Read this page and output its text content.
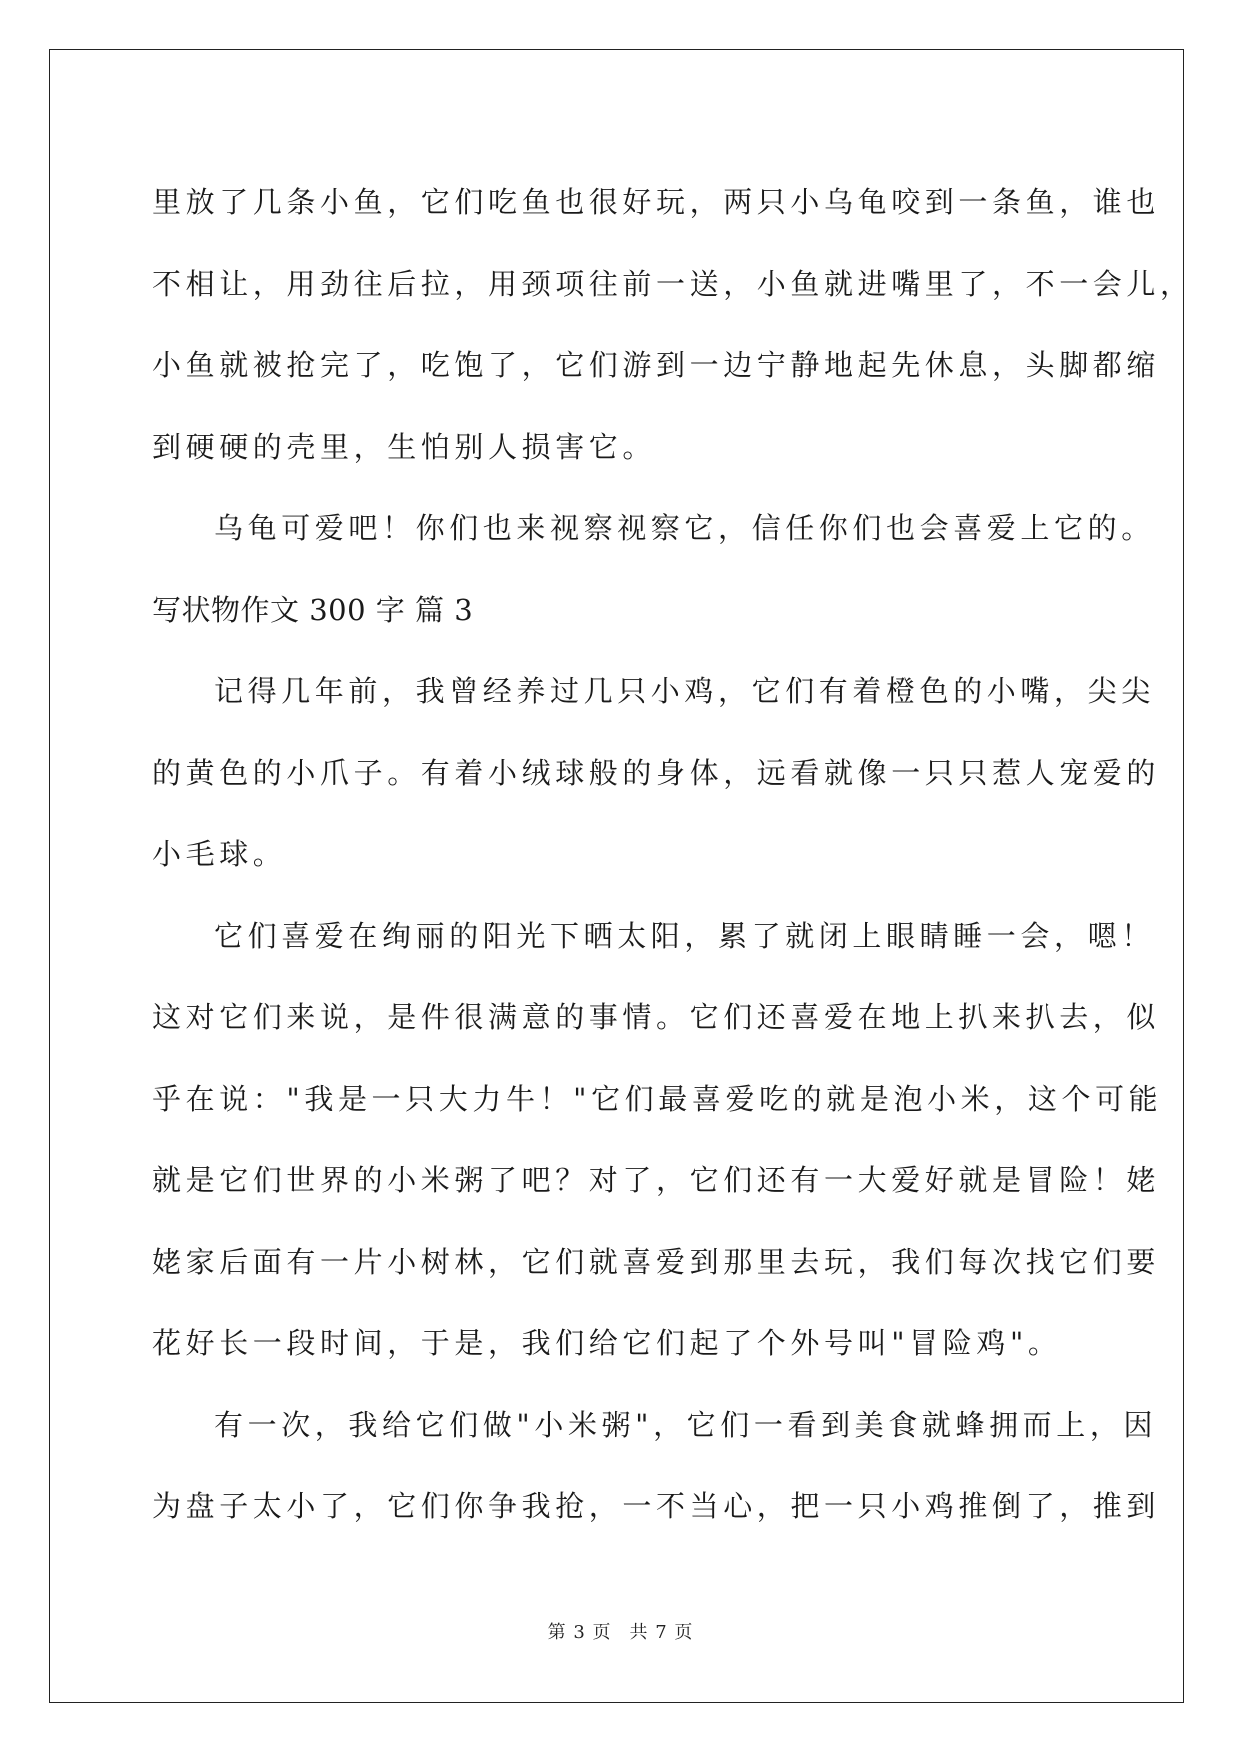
里放了几条小鱼，它们吃鱼也很好玩，两只小乌龟咬到一条鱼，谁也
不相让，用劲往后拉，用颈项往前一送，小鱼就进嘴里了，不一会儿，
小鱼就被抢完了，吃饱了，它们游到一边宁静地起先休息，头脚都缩
到硬硬的壳里，生怕别人损害它。
乌龟可爱吧！你们也来视察视察它，信任你们也会喜爱上它的。
写状物作文 300 字 篇 3
记得几年前，我曾经养过几只小鸡，它们有着橙色的小嘴，尖尖
的黄色的小爪子。有着小绒球般的身体，远看就像一只只惹人宠爱的
小毛球。
它们喜爱在绚丽的阳光下晒太阳，累了就闭上眼睛睡一会，嗯！
这对它们来说，是件很满意的事情。它们还喜爱在地上扒来扒去，似
乎在说："我是一只大力牛！"它们最喜爱吃的就是泡小米，这个可能
就是它们世界的小米粥了吧？对了，它们还有一大爱好就是冒险！姥
姥家后面有一片小树林，它们就喜爱到那里去玩，我们每次找它们要
花好长一段时间，于是，我们给它们起了个外号叫"冒险鸡"。
有一次，我给它们做"小米粥"，它们一看到美食就蜂拥而上，因
为盘子太小了，它们你争我抢，一不当心，把一只小鸡推倒了，推到
第 3 页 共 7 页
